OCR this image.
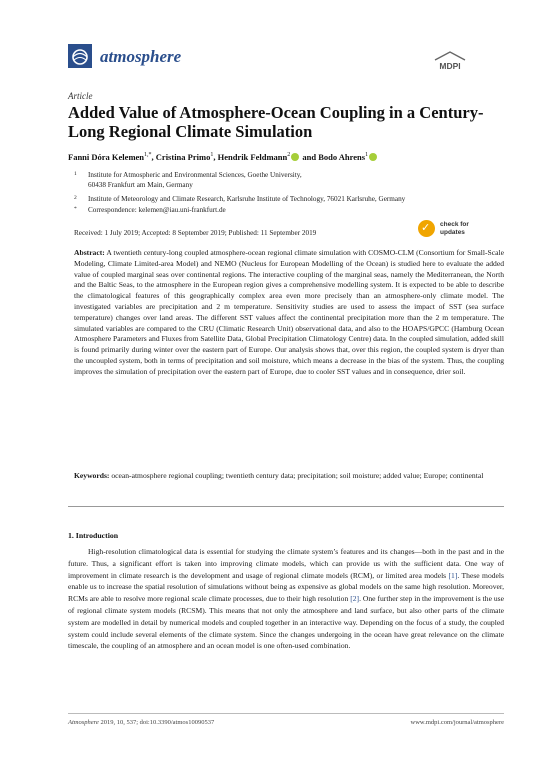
atmosphere	MDPI
Article
Added Value of Atmosphere-Ocean Coupling in a Century-Long Regional Climate Simulation
Fanni Dóra Kelemen$^{1,*}$, Cristina Primo$^1$, Hendrik Feldmann$^2$ and Bodo Ahrens$^1$
1 Institute for Atmospheric and Environmental Sciences, Goethe University, 60438 Frankfurt am Main, Germany
2 Institute of Meteorology and Climate Research, Karlsruhe Institute of Technology, 76021 Karlsruhe, Germany
* Correspondence: kelemen@iau.uni-frankfurt.de
Received: 1 July 2019; Accepted: 8 September 2019; Published: 11 September 2019	✓ check for
updates
Abstract: A twentieth century-long coupled atmosphere-ocean regional climate simulation with COSMO-CLM (Consortium for Small-Scale Modeling, Climate Limited-area Model) and NEMO (Nucleus for European Modelling of the Ocean) is studied here to evaluate the added value of coupled marginal seas over continental regions. The interactive coupling of the marginal seas, namely the Mediterranean, the North and the Baltic Seas, to the atmosphere in the European region gives a comprehensive modelling system. It is expected to be able to describe the climatological features of this geographically complex area even more precisely than an atmosphere-only climate model. The investigated variables are precipitation and 2 m temperature. Sensitivity studies are used to assess the impact of SST (sea surface temperature) changes over land areas. The different SST values affect the continental precipitation more than the 2 m temperature. The simulated variables are compared to the CRU (Climatic Research Unit) observational data, and also to the HOAPS/GPCC (Hamburg Ocean Atmosphere Parameters and Fluxes from Satellite Data, Global Precipitation Climatology Centre) data. In the coupled simulation, added skill is found primarily during winter over the eastern part of Europe. Our analysis shows that, over this region, the coupled system is dryer than the uncoupled system, both in terms of precipitation and soil moisture, which means a decrease in the bias of the system. Thus, the coupling improves the simulation of precipitation over the eastern part of Europe, due to cooler SST values and in consequence, drier soil.
Keywords: ocean-atmosphere regional coupling; twentieth century data; precipitation; soil moisture; added value; Europe; continental
1. Introduction
High-resolution climatological data is essential for studying the climate system’s features and its changes—both in the past and in the future. Thus, a significant effort is taken into improving climate models, which can provide us with the sufficient data. One way of improvement in climate research is the development and usage of regional climate models (RCM), or limited area models [1]. These models enable us to increase the spatial resolution of simulations without being as expensive as global models on the same high resolution. Moreover, RCMs are able to resolve more regional scale climate processes, due to their high resolution [2]. One further step in the improvement is the use of regional climate system models (RCSM). This means that not only the atmosphere and land surface, but also other parts of the climate system are modelled in detail by numerical models and coupled together in an interactive way. Depending on the focus of a study, the coupled system could include several elements of the climate system. Since the changes undergoing in the ocean have great relevance on the climate timescale, the coupling of an atmosphere and an ocean model is one often-used combination.
Atmosphere 2019, 10, 537; doi:10.3390/atmos10090537	www.mdpi.com/journal/atmosphere
